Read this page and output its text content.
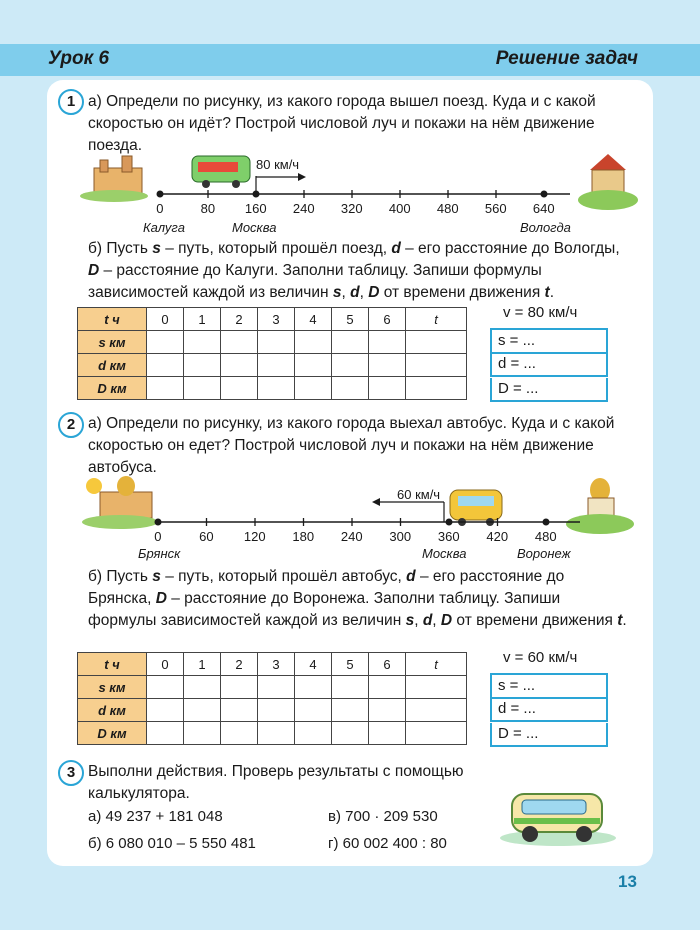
Урок 6	Решение задач
1 а) Определи по рисунку, из какого города вышел поезд. Куда и с какой скоростью он идёт? Построй числовой луч и покажи на нём движение поезда.
80 км/ч
0	80 160 240 320 400 480 560 640
Калуга	Москва	Вологда
б) Пусть s – путь, который прошёл поезд, d – его расстояние до Вологды, D – расстояние до Калуги. Заполни таблицу. Запиши формулы зависимостей каждой из величин s, d, D от времени движения t.
t ч	0	1	2	3	4	5	6	t
s км								
d км								
D км								
v = 80 км/ч
s = ...
d = ...
D = ...
2 а) Определи по рисунку, из какого города выехал автобус. Куда и с какой скоростью он едет? Построй числовой луч и покажи на нём движение автобуса.
60 км/ч
0	60 120 180 240 300 360 420 480
Брянск	Москва	Воронеж
б) Пусть s – путь, который прошёл автобус, d – его расстояние до Брянска, D – расстояние до Воронежа. Заполни таблицу. Запиши формулы зависимостей каждой из величин s, d, D от времени движения t.
t ч	0	1	2	3	4	5	6	t
s км								
d км								
D км								
v = 60 км/ч
s = ...
d = ...
D = ...
3 Выполни действия. Проверь результаты с помощью калькулятора.
а) 49 237 + 181 048	в) 700 · 209 530
б) 6 080 010 – 5 550 481	г) 60 002 400 : 80
13
